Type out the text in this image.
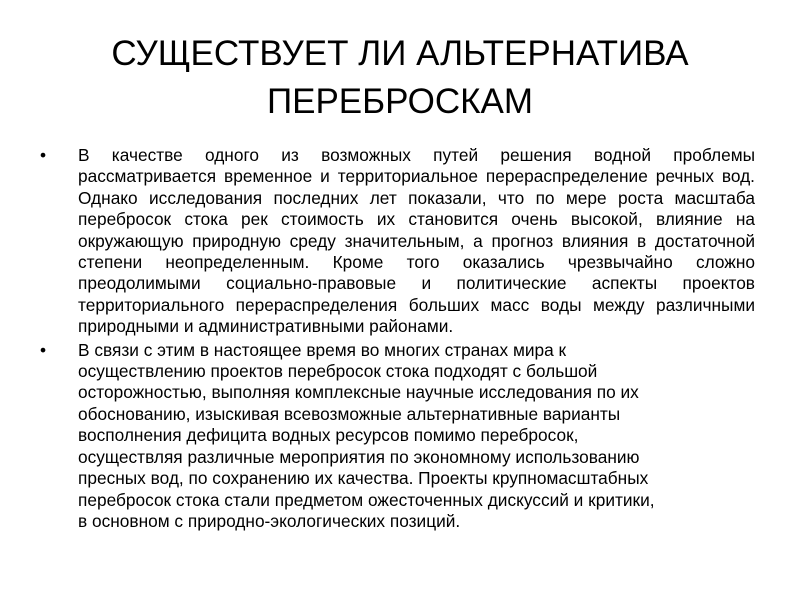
СУЩЕСТВУЕТ ЛИ АЛЬТЕРНАТИВА
ПЕРЕБРОСКАМ
•	В качестве одного из возможных путей решения водной проблемы рассматривается временное и территориальное перераспределение речных вод. Однако исследования последних лет показали, что по мере роста масштаба перебросок стока рек стоимость их становится очень высокой, влияние на окружающую природную среду значительным, а прогноз влияния в достаточной степени неопределенным. Кроме того оказались чрезвычайно сложно преодолимыми социально-правовые и политические аспекты проектов территориального перераспределения больших масс воды между различными природными и административными районами.
•	В связи с этим в настоящее время во многих странах мира к
осуществлению проектов перебросок стока подходят с большой
осторожностью, выполняя комплексные научные исследования по их
обоснованию, изыскивая всевозможные альтернативные варианты
восполнения дефицита водных ресурсов помимо перебросок,
осуществляя различные мероприятия по экономному использованию
пресных вод, по сохранению их качества. Проекты крупномасштабных
перебросок стока стали предметом ожесточенных дискуссий и критики,
в основном с природно-экологических позиций.
